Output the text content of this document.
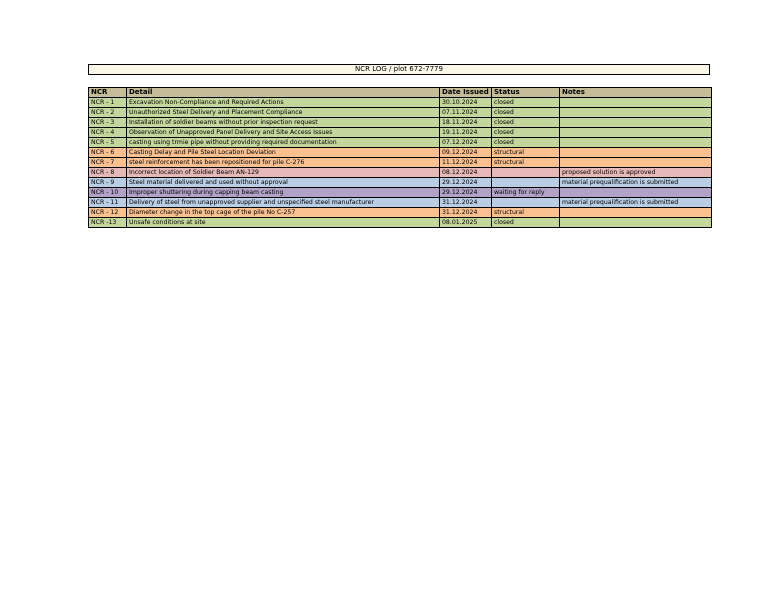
NCR LOG / plot 672-7779
NCR	Detail	Date Issued	Status	Notes
NCR - 1	Excavation Non-Compliance and Required Actions	30.10.2024	closed	
NCR - 2	Unauthorized Steel Delivery and Placement Compliance	07.11.2024	closed	
NCR - 3	Installation of soldier beams without prior inspection request	18.11.2024	closed	
NCR - 4	Observation of Unapproved Panel Delivery and Site Access Issues	19.11.2024	closed	
NCR - 5	casting using trmie pipe without providing required documentation	07.12.2024	closed	
NCR - 6	Casting Delay and Pile Steel Location Deviation	09.12.2024	structural	
NCR - 7	steel reinforcement has been repositioned for pile C-276	11.12.2024	structural	
NCR - 8	Incorrect location of Soldier Beam AN-129	08.12.2024		proposed solution is approved
NCR - 9	Steel material delivered and used without approval	29.12.2024		material prequalification is submitted
NCR - 10	Improper shuttering during capping beam casting	29.12.2024	waiting for reply	
NCR - 11	Delivery of steel from unapproved supplier and unspecified steel manufacturer	31.12.2024		material prequalification is submitted
NCR - 12	Diameter change in the top cage of the pile No C-257	31.12.2024	structural	
NCR -13	Unsafe conditions at site	08.01.2025	closed	
